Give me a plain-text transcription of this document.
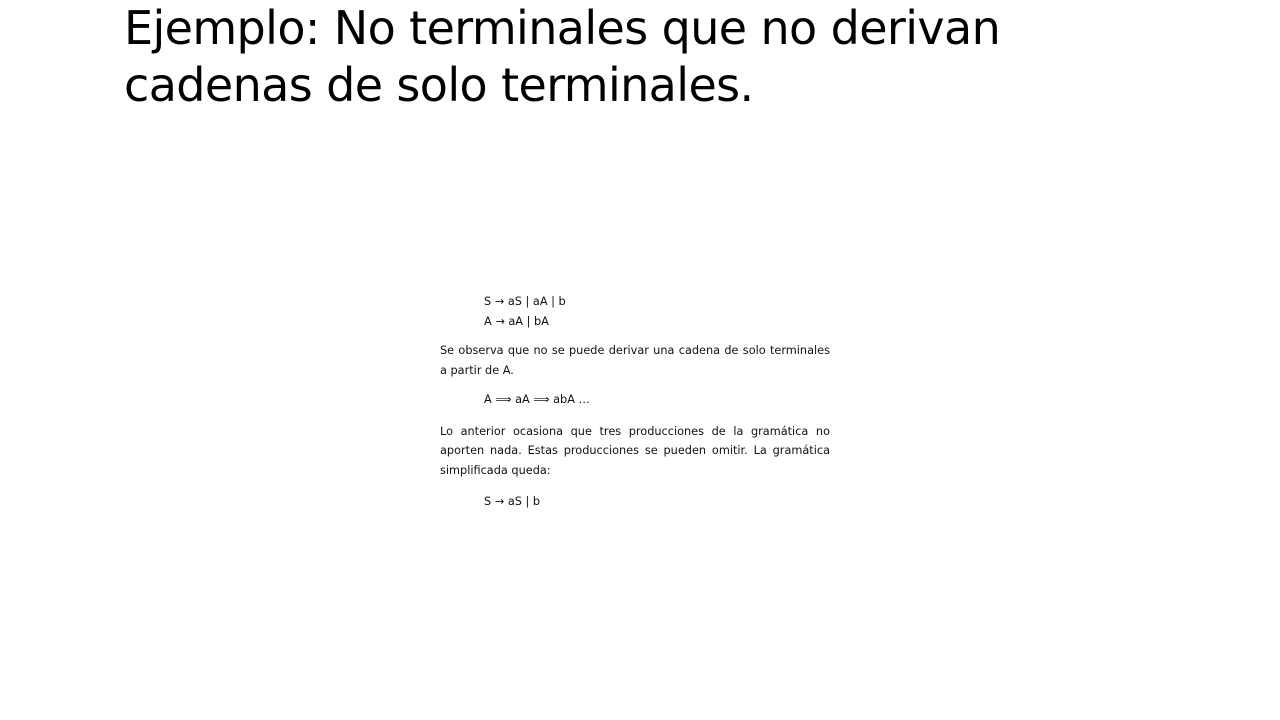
Ejemplo: No terminales que no derivan cadenas de solo terminales.

S → aS | aA | b

A → aA | bA

Se observa que no se puede derivar una cadena de solo terminales a partir de A.

A ⟹ aA ⟹ abA …

Lo anterior ocasiona que tres producciones de la gramática no aporten nada. Estas producciones se pueden omitir. La gramática simplificada queda:

S → aS | b
